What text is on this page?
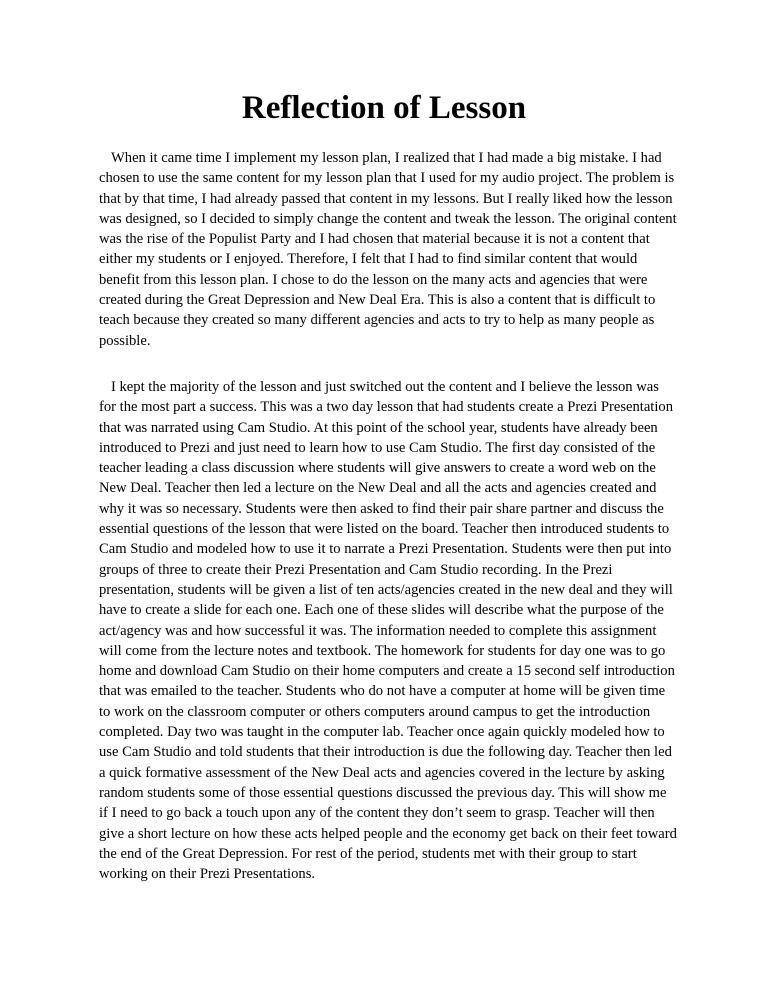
Reflection of Lesson

When it came time I implement my lesson plan, I realized that I had made a big mistake. I had chosen to use the same content for my lesson plan that I used for my audio project. The problem is that by that time, I had already passed that content in my lessons. But I really liked how the lesson was designed, so I decided to simply change the content and tweak the lesson. The original content was the rise of the Populist Party and I had chosen that material because it is not a content that either my students or I enjoyed. Therefore, I felt that I had to find similar content that would benefit from this lesson plan. I chose to do the lesson on the many acts and agencies that were created during the Great Depression and New Deal Era. This is also a content that is difficult to teach because they created so many different agencies and acts to try to help as many people as possible.

I kept the majority of the lesson and just switched out the content and I believe the lesson was for the most part a success. This was a two day lesson that had students create a Prezi Presentation that was narrated using Cam Studio. At this point of the school year, students have already been introduced to Prezi and just need to learn how to use Cam Studio. The first day consisted of the teacher leading a class discussion where students will give answers to create a word web on the New Deal. Teacher then led a lecture on the New Deal and all the acts and agencies created and why it was so necessary. Students were then asked to find their pair share partner and discuss the essential questions of the lesson that were listed on the board. Teacher then introduced students to Cam Studio and modeled how to use it to narrate a Prezi Presentation. Students were then put into groups of three to create their Prezi Presentation and Cam Studio recording. In the Prezi presentation, students will be given a list of ten acts/agencies created in the new deal and they will have to create a slide for each one. Each one of these slides will describe what the purpose of the act/agency was and how successful it was. The information needed to complete this assignment will come from the lecture notes and textbook. The homework for students for day one was to go home and download Cam Studio on their home computers and create a 15 second self introduction that was emailed to the teacher. Students who do not have a computer at home will be given time to work on the classroom computer or others computers around campus to get the introduction completed. Day two was taught in the computer lab. Teacher once again quickly modeled how to use Cam Studio and told students that their introduction is due the following day. Teacher then led a quick formative assessment of the New Deal acts and agencies covered in the lecture by asking random students some of those essential questions discussed the previous day. This will show me if I need to go back a touch upon any of the content they don’t seem to grasp. Teacher will then give a short lecture on how these acts helped people and the economy get back on their feet toward the end of the Great Depression. For rest of the period, students met with their group to start working on their Prezi Presentations.
